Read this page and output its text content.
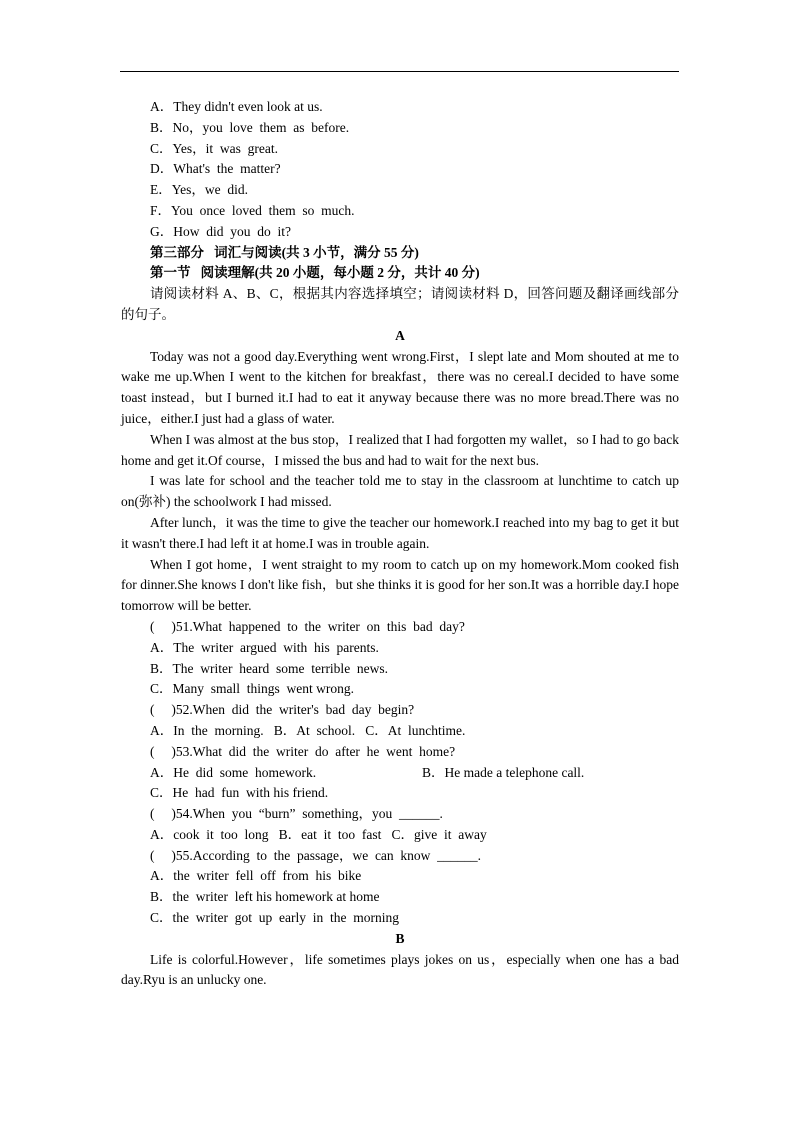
A．They didn't even look at us.
B．No，you  love  them  as  before.
C．Yes，it  was  great.
D．What's  the  matter?
E．Yes，we  did.
F．You  once  loved  them  so  much.
G．How  did  you  do  it?
第三部分   词汇与阅读(共 3 小节，满分 55 分)
第一节   阅读理解(共 20 小题，每小题 2 分，共计 40 分)
请阅读材料 A、B、C，根据其内容选择填空；请阅读材料 D，回答问题及翻译画线部分的句子。
A
Today was not a good day.Everything went wrong.First，I slept late and Mom shouted at me to wake me up.When I went to the kitchen for breakfast，there was no cereal.I decided to have some toast instead，but I burned it.I had to eat it anyway because there was no more bread.There was no juice，either.I just had a glass of water.
When I was almost at the bus stop，I realized that I had forgotten my wallet，so I had to go back home and get it.Of course，I missed the bus and had to wait for the next bus.
I was late for school and the teacher told me to stay in the classroom at lunchtime to catch up on(弥补) the schoolwork I had missed.
After lunch，it was the time to give the teacher our homework.I reached into my bag to get it but it wasn't there.I had left it at home.I was in trouble again.
When I got home，I went straight to my room to catch up on my homework.Mom cooked fish for dinner.She knows I don't like fish，but she thinks it is good for her son.It was a horrible day.I hope tomorrow will be better.
(     )51.What  happened  to  the  writer  on  this  bad  day?
A．The  writer  argued  with  his  parents.
B．The  writer  heard  some  terrible  news.
C．Many  small  things  went wrong.
(     )52.When  did  the  writer's  bad  day  begin?
A．In  the  morning.   B．At  school.   C．At  lunchtime.
(     )53.What  did  the  writer  do  after  he  went  home?
A．He  did  some  homework.	B．He made a telephone call.
C．He  had  fun  with his friend.
(     )54.When  you  “burn”  something，you  ______.
A．cook  it  too  long   B．eat  it  too  fast   C．give  it  away
(     )55.According  to  the  passage，we  can  know  ______.
A．the  writer  fell  off  from  his  bike
B．the  writer  left his homework at home
C．the  writer  got  up  early  in  the  morning
B
Life is colorful.However，life sometimes plays jokes on us，especially when one has a bad day.Ryu is an unlucky one.
